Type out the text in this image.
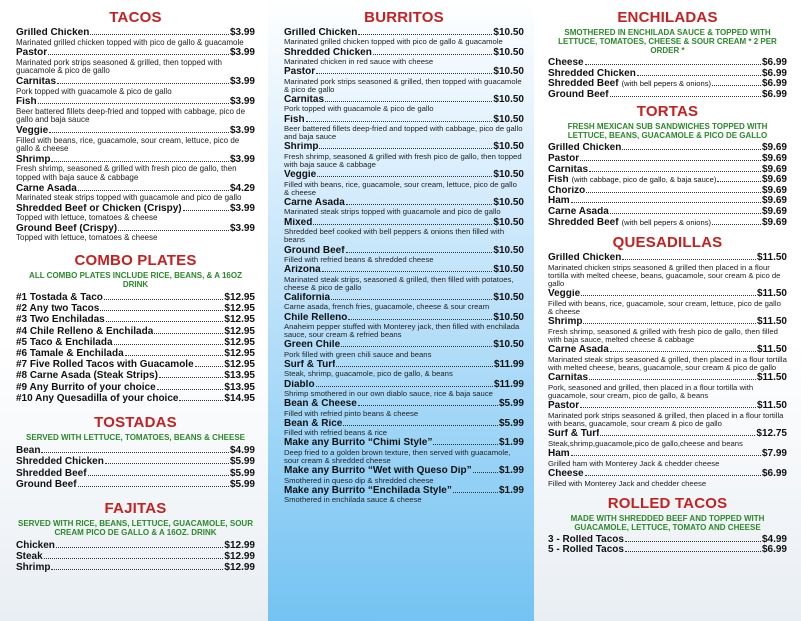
TACOS
Grilled Chicken	$3.99
Marinated grilled chicken topped with pico de gallo & guacamole
Pastor	$3.99
Marinated pork strips seasoned & grilled, then topped with guacamole & pico de gallo
Carnitas	$3.99
Pork topped with guacamole & pico de gallo
Fish	$3.99
Beer battered fillets deep-fried and topped with cabbage, pico de gallo and baja sauce
Veggie	$3.99
Filled with beans, rice, guacamole, sour cream, lettuce, pico de gallo & cheese
Shrimp	$3.99
Fresh shrimp, seasoned & grilled with fresh pico de gallo, then topped with baja sauce & cabbage
Carne Asada	$4.29
Marinated steak strips topped with guacamole and pico de gallo
Shredded Beef or Chicken (Crispy)	$3.99
Topped with lettuce, tomatoes & cheese
Ground Beef (Crispy)	$3.99
Topped with lettuce, tomatoes & cheese
COMBO PLATES
ALL COMBO PLATES INCLUDE RICE, BEANS, & A 16OZ DRINK
#1 Tostada & Taco	$12.95
#2 Any two Tacos	$12.95
#3 Two Enchiladas	$12.95
#4 Chile Relleno & Enchilada	$12.95
#5 Taco & Enchilada	$12.95
#6 Tamale & Enchilada	$12.95
#7 Five Rolled Tacos with Guacamole	$12.95
#8 Carne Asada (Steak Strips)	$13.95
#9 Any Burrito of your choice	$13.95
#10 Any Quesadilla of your choice	$14.95
TOSTADAS
SERVED WITH LETTUCE, TOMATOES, BEANS & CHEESE
Bean	$4.99
Shredded Chicken	$5.99
Shredded Beef	$5.99
Ground Beef	$5.99
FAJITAS
SERVED WITH RICE, BEANS, LETTUCE, GUACAMOLE, SOUR CREAM PICO DE GALLO & A 16OZ. DRINK
Chicken	$12.99
Steak	$12.99
Shrimp	$12.99
BURRITOS
Grilled Chicken	$10.50
Marinated grilled chicken topped with pico de gallo & guacamole
Shredded Chicken	$10.50
Marinated chicken in red sauce with cheese
Pastor	$10.50
Marinated pork strips seasoned & grilled, then topped with guacamole & pico de gallo
Carnitas	$10.50
Pork topped with guacamole & pico de gallo
Fish	$10.50
Beer battered fillets deep-fried and topped with cabbage, pico de gallo and baja sauce
Shrimp	$10.50
Fresh shrimp, seasoned & grilled with fresh pico de gallo, then topped with baja sauce & cabbage
Veggie	$10.50
Filled with beans, rice, guacamole, sour cream, lettuce, pico de gallo & cheese
Carne Asada	$10.50
Marinated steak strips topped with guacamole and pico de gallo
Mixed	$10.50
Shredded beef cooked with bell peppers & onions then filled with beans
Ground Beef	$10.50
Filled with refried beans & shredded cheese
Arizona	$10.50
Marinated steak strips, seasoned & grilled, then filled with potatoes, cheese & pico de gallo
California	$10.50
Carne asada, french fries, guacamole, cheese & sour cream
Chile Relleno	$10.50
Anaheim pepper stuffed with Monterey jack, then filled with enchilada sauce, sour cream & refried beans
Green Chile	$10.50
Pork filled with green chili sauce and beans
Surf & Turf	$11.99
Steak, shrimp, guacamole, pico de gallo, & beans
Diablo	$11.99
Shrimp smothered in our own diablo sauce, rice & baja sauce
Bean & Cheese	$5.99
Filled with refried pinto beans & cheese
Bean & Rice	$5.99
Filled with refried beans & rice
Make any Burrito “Chimi Style”	$1.99
Deep fried to a golden brown texture, then served with guacamole, sour cream & shredded cheese
Make any Burrito “Wet with Queso Dip”	$1.99
Smothered in queso dip & shredded cheese
Make any Burrito “Enchilada Style”	$1.99
Smothered in enchilada sauce & cheese
ENCHILADAS
SMOTHERED IN ENCHILADA SAUCE & TOPPED WITH LETTUCE, TOMATOES, CHEESE & SOUR CREAM * 2 PER ORDER *
Cheese	$6.99
Shredded Chicken	$6.99
Shredded Beef (with bell pepers & onions)	$6.99
Ground Beef	$6.99
TORTAS
FRESH MEXICAN SUB SANDWICHES TOPPED WITH LETTUCE, BEANS, GUACAMOLE & PICO DE GALLO
Grilled Chicken	$9.69
Pastor	$9.69
Carnitas	$9.69
Fish (with cabbage, pico de gallo, & baja sauce)	$9.69
Chorizo	$9.69
Ham	$9.69
Carne Asada	$9.69
Shredded Beef (with bell pepers & onions)	$9.69
QUESADILLAS
Grilled Chicken	$11.50
Marinated chicken strips seasoned & grilled then placed in a flour tortilla with melted cheese, beans, guacamole, sour cream & pico de gallo
Veggie	$11.50
Filled with beans, rice, guacamole, sour cream, lettuce, pico de gallo & cheese
Shrimp	$11.50
Fresh shrimp, seasoned & grilled with fresh pico de gallo, then filled with baja sauce, melted cheese & cabbage
Carne Asada	$11.50
Marinated steak strips seasoned & grilled, then placed in a flour tortilla with melted cheese, beans, guacamole, sour cream & pico de gallo
Carnitas	$11.50
Pork, seasoned and grilled, then placed in a flour tortilla with guacamole, sour cream, pico de gallo, & beans
Pastor	$11.50
Marinated pork strips seasoned & grilled, then placed in a flour tortilla with beans, guacamole, sour cream & pico de gallo
Surf & Turf	$12.75
Steak,shrimp,guacamole,pico de gallo,cheese and beans
Ham	$7.99
Grilled ham with Monterey Jack & chedder cheese
Cheese	$6.99
Filled with Monterey Jack and chedder cheese
ROLLED TACOS
MADE WITH SHREDDED BEEF AND TOPPED WITH GUACAMOLE, LETTUCE, TOMATO AND CHEESE
3 - Rolled Tacos	$4.99
5 - Rolled Tacos	$6.99
